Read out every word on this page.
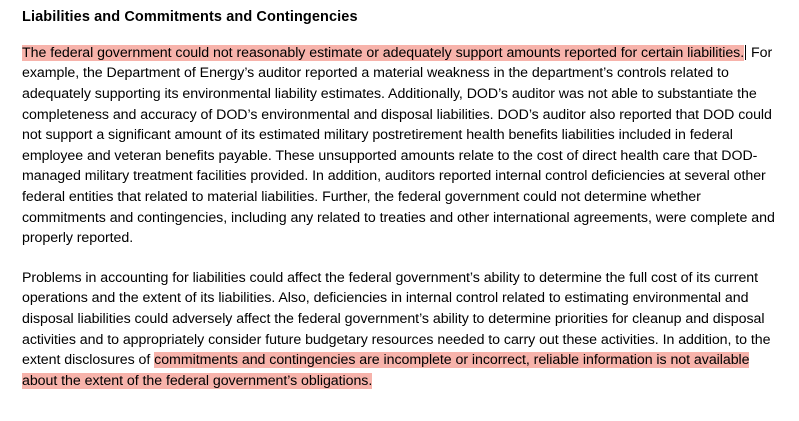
Liabilities and Commitments and Contingencies

The federal government could not reasonably estimate or adequately support amounts reported for certain liabilities. For example, the Department of Energy’s auditor reported a material weakness in the department’s controls related to adequately supporting its environmental liability estimates. Additionally, DOD’s auditor was not able to substantiate the completeness and accuracy of DOD’s environmental and disposal liabilities. DOD’s auditor also reported that DOD could not support a significant amount of its estimated military postretirement health benefits liabilities included in federal employee and veteran benefits payable. These unsupported amounts relate to the cost of direct health care that DOD-managed military treatment facilities provided. In addition, auditors reported internal control deficiencies at several other federal entities that related to material liabilities. Further, the federal government could not determine whether commitments and contingencies, including any related to treaties and other international agreements, were complete and properly reported.

Problems in accounting for liabilities could affect the federal government’s ability to determine the full cost of its current operations and the extent of its liabilities. Also, deficiencies in internal control related to estimating environmental and disposal liabilities could adversely affect the federal government’s ability to determine priorities for cleanup and disposal activities and to appropriately consider future budgetary resources needed to carry out these activities. In addition, to the extent disclosures of commitments and contingencies are incomplete or incorrect, reliable information is not available about the extent of the federal government’s obligations.
